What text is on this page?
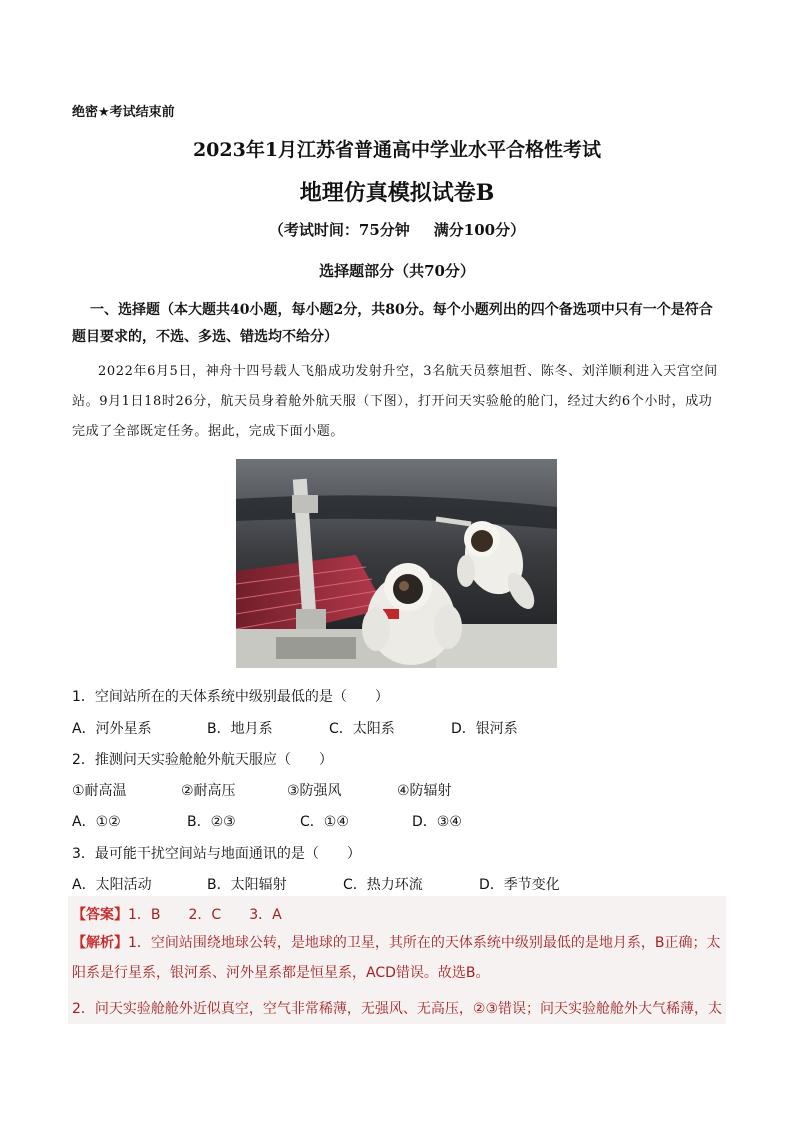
绝密★考试结束前
2023年1月江苏省普通高中学业水平合格性考试
地理仿真模拟试卷B
（考试时间：75分钟 满分100分）
选择题部分（共70分）
一、选择题（本大题共40小题，每小题2分，共80分。每个小题列出的四个备选项中只有一个是符合题目要求的，不选、多选、错选均不给分）
2022年6月5日，神舟十四号载人飞船成功发射升空，3名航天员蔡旭哲、陈冬、刘洋顺利进入天宫空间站。9月1日18时26分，航天员身着舱外航天服（下图），打开问天实验舱的舱门，经过大约6个小时，成功完成了全部既定任务。据此，完成下面小题。
1．空间站所在的天体系统中级别最低的是（　　）
A．河外星系	B．地月系	C．太阳系	D．银河系
2．推测问天实验舱舱外航天服应（　　）
①耐高温	②耐高压	③防强风	④防辐射
A．①②	B．②③	C．①④	D．③④
3．最可能干扰空间站与地面通讯的是（　　）
A．太阳活动	B．太阳辐射	C．热力环流	D．季节变化
【答案】1．B　　2．C　　3．A
【解析】1．空间站围绕地球公转，是地球的卫星，其所在的天体系统中级别最低的是地月系，B正确；太阳系是行星系，银河系、河外星系都是恒星系，ACD错误。故选B。
2．问天实验舱舱外近似真空，空气非常稀薄，无强风、无高压，②③错误；问天实验舱舱外大气稀薄，太
